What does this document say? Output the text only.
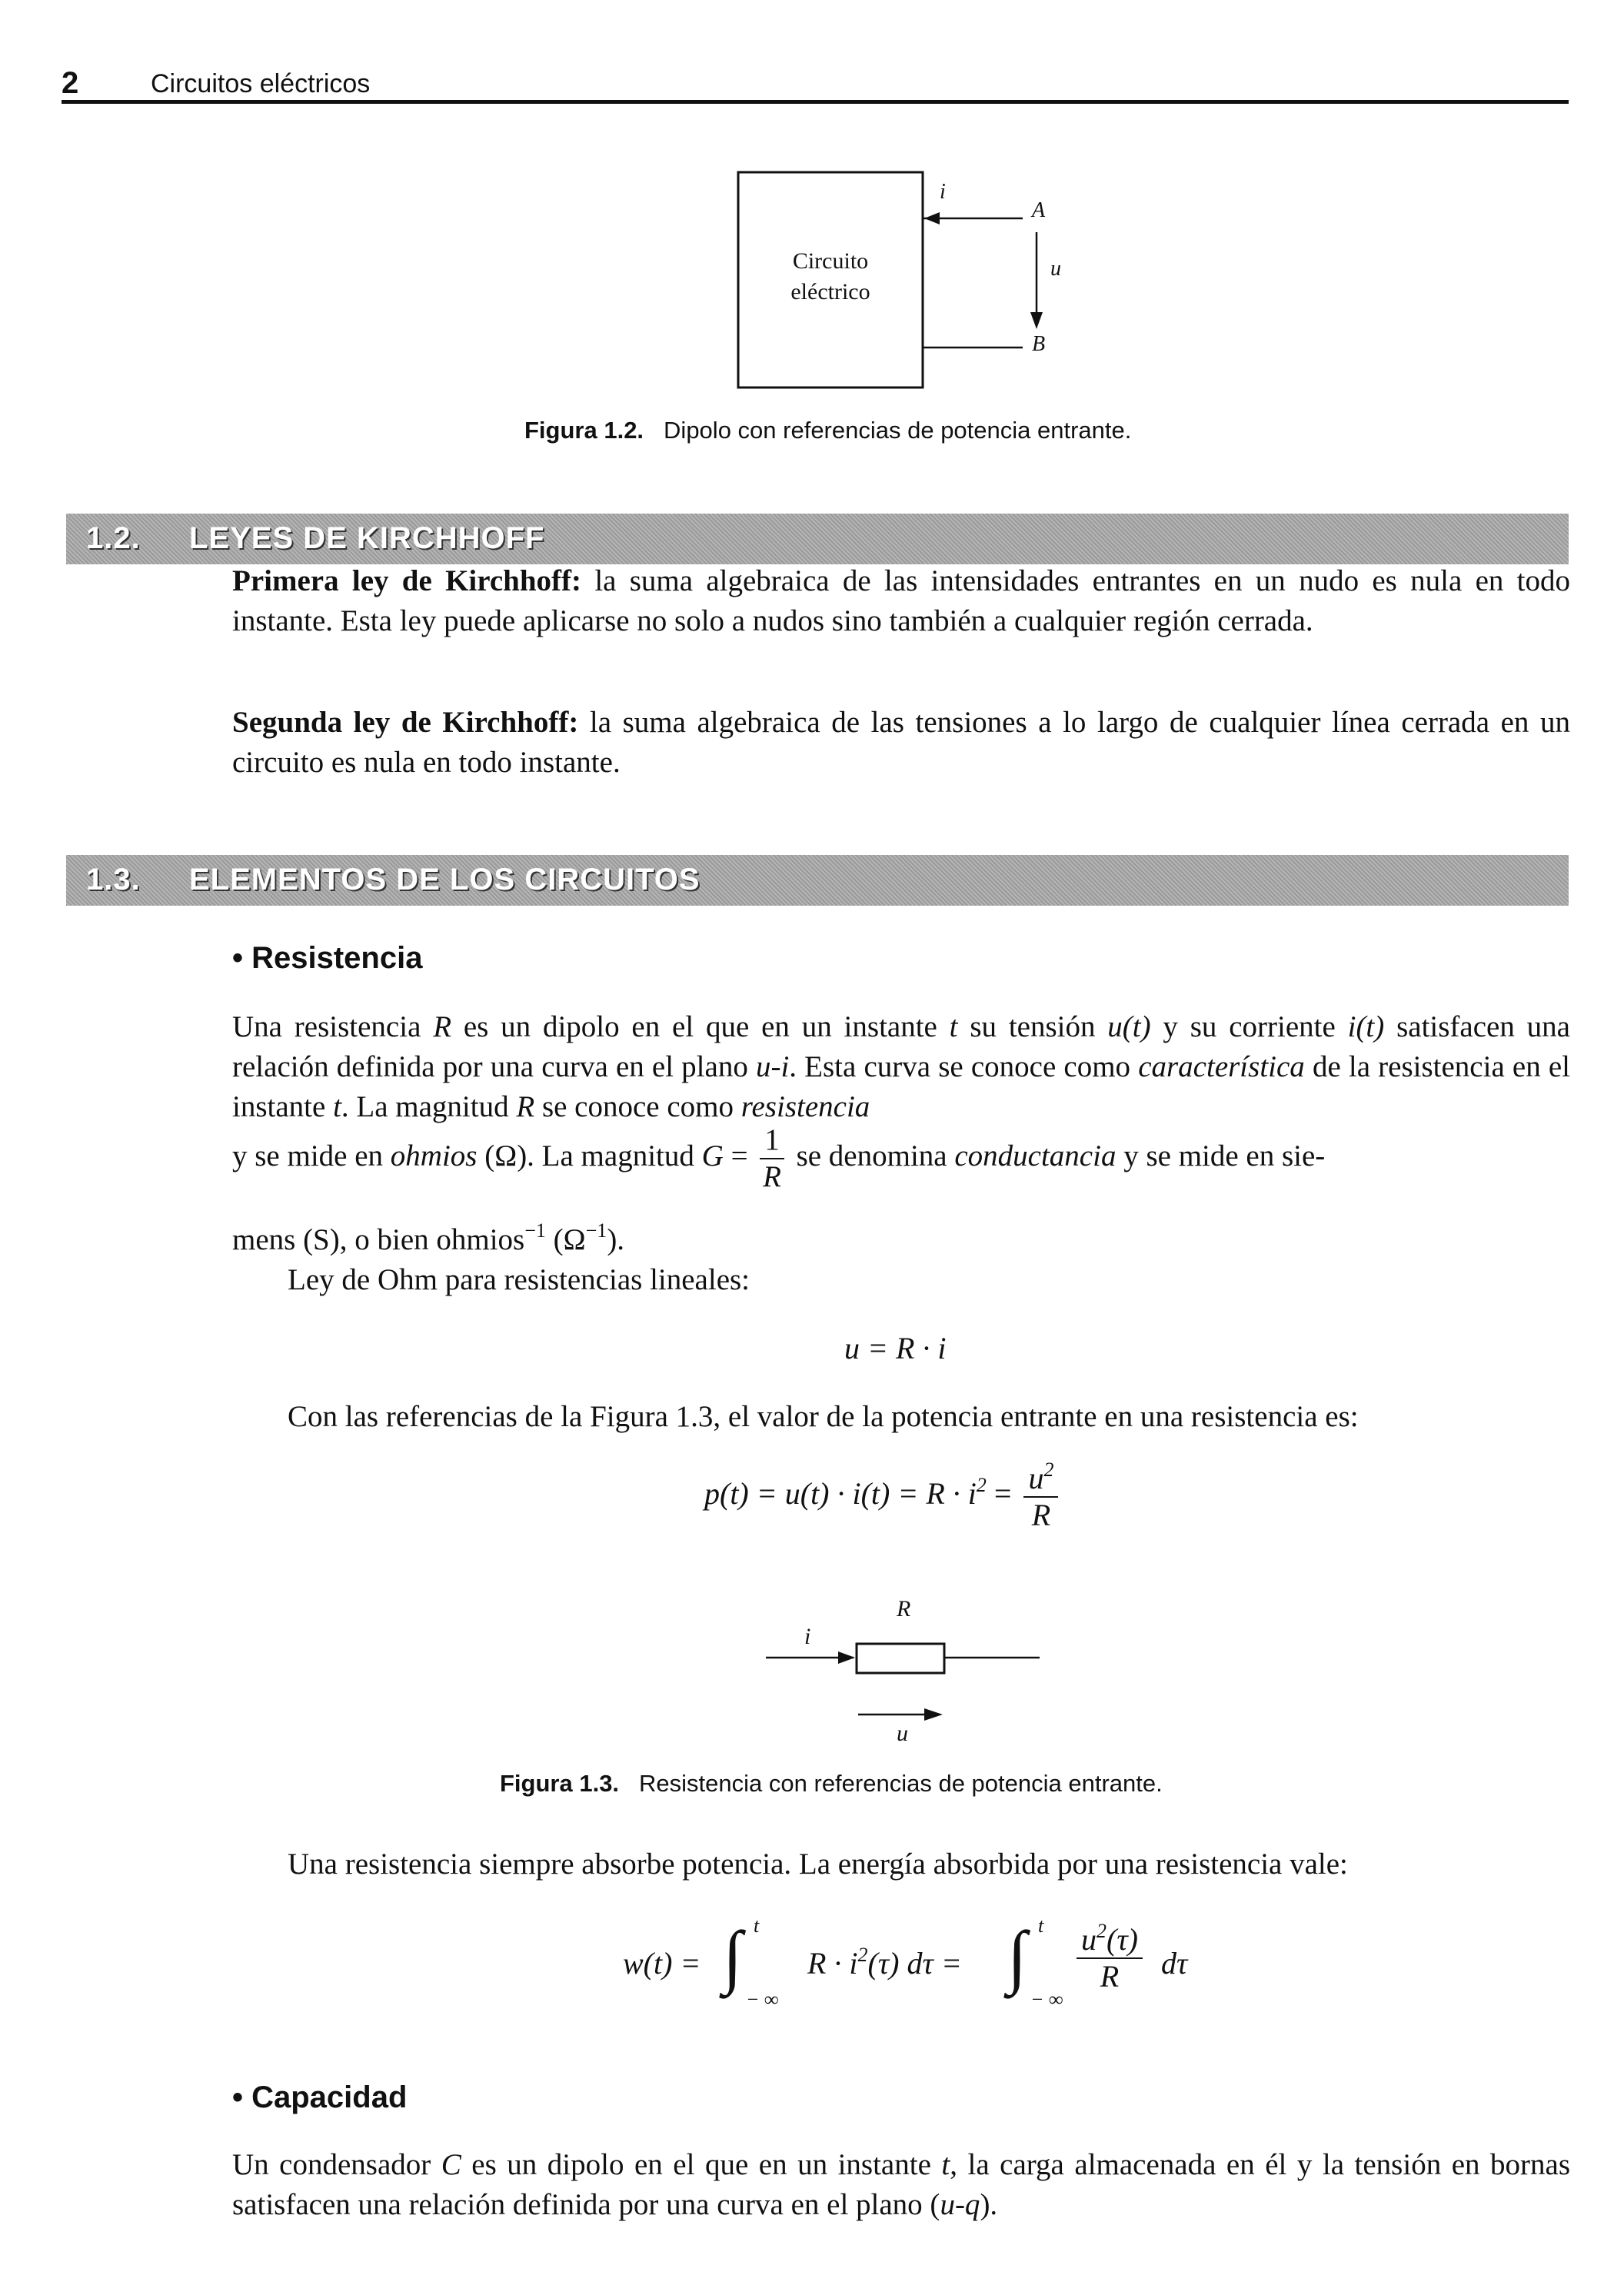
2	Circuitos eléctricos
Circuito
eléctrico
i
A
u
B
Figura 1.2. Dipolo con referencias de potencia entrante.
1.2. LEYES DE KIRCHHOFF

Primera ley de Kirchhoff: la suma algebraica de las intensidades entrantes en un nudo es nula en todo instante. Esta ley puede aplicarse no solo a nudos sino también a cualquier región cerrada.

Segunda ley de Kirchhoff: la suma algebraica de las tensiones a lo largo de cualquier línea cerrada en un circuito es nula en todo instante.

1.3. ELEMENTOS DE LOS CIRCUITOS
• Resistencia

Una resistencia R es un dipolo en el que en un instante t su tensión u(t) y su corriente i(t) satisfacen una relación definida por una curva en el plano u-i. Esta curva se conoce como característica de la resistencia en el instante t. La magnitud R se conoce como resistencia

y se mide en ohmios (Ω). La magnitud $G = \frac{1}{R}$ se denomina conductancia y se mide en sie-
mens (S), o bien ohmios$^{-1}$ $(\Omega^{-1})$.
Ley de Ohm para resistencias lineales:
u = R · i
Con las referencias de la Figura 1.3, el valor de la potencia entrante en una resistencia es:
$p(t) = u(t) \cdot i(t) = R \cdot i^2 = \frac{u^2}{R}$
R
i
u
Figura 1.3. Resistencia con referencias de potencia entrante.
Una resistencia siempre absorbe potencia. La energía absorbida por una resistencia vale:
w(t) = ∫ t
− ∞
$R \cdot i^2(\tau) d\tau$ = ∫ t
− ∞
$\frac{u^2(\tau)}{R}$ dτ
• Capacidad

Un condensador C es un dipolo en el que en un instante t, la carga almacenada en él y la tensión en bornas satisfacen una relación definida por una curva en el plano (u-q).
